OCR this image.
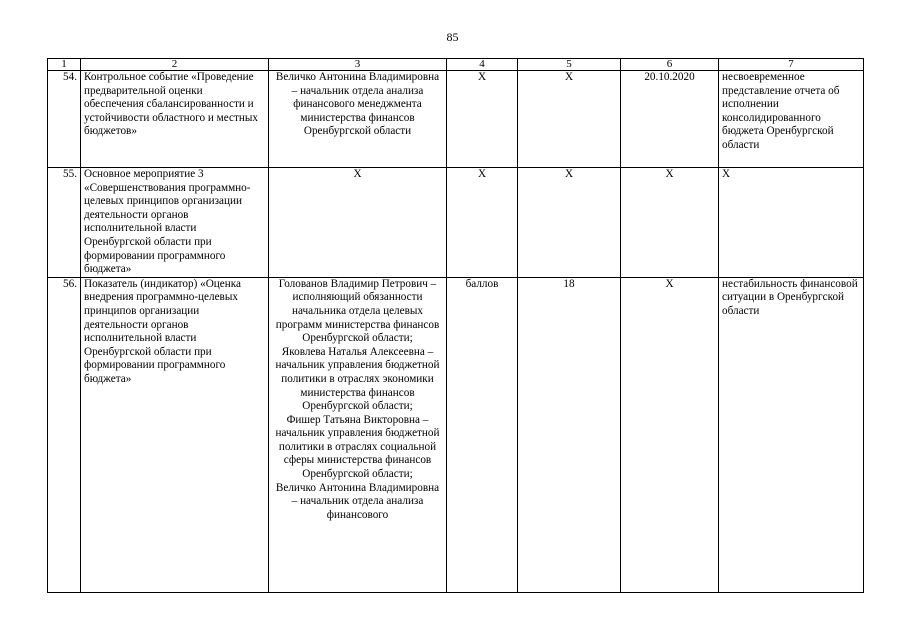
85
1	2	3	4	5	6	7
54.	Контрольное событие «Проведение предварительной оценки обеспечения сбалансированности и устойчивости областного и местных бюджетов»	Величко Антонина Владимировна – начальник отдела анализа финансового менеджмента министерства финансов Оренбургской области	Х	Х	20.10.2020	несвоевременное представление отчета об исполнении консолидированного бюджета Оренбургской области
55.	Основное мероприятие 3 «Совершенствования программно-целевых принципов организации деятельности органов исполнительной власти Оренбургской области при формировании программного бюджета»	Х	Х	Х	Х	Х
56.	Показатель (индикатор) «Оценка внедрения программно-целевых принципов организации деятельности органов исполнительной власти Оренбургской области при формировании программного бюджета»	Голованов Владимир Петрович – исполняющий обязанности начальника отдела целевых программ министерства финансов Оренбургской области;
Яковлева Наталья Алексеевна – начальник управления бюджетной политики в отраслях экономики министерства финансов Оренбургской области;
Фишер Татьяна Викторовна – начальник управления бюджетной политики в отраслях социальной сферы министерства финансов Оренбургской области;
Величко Антонина Владимировна – начальник отдела анализа финансового	баллов	18	Х	нестабильность финансовой ситуации в Оренбургской области
